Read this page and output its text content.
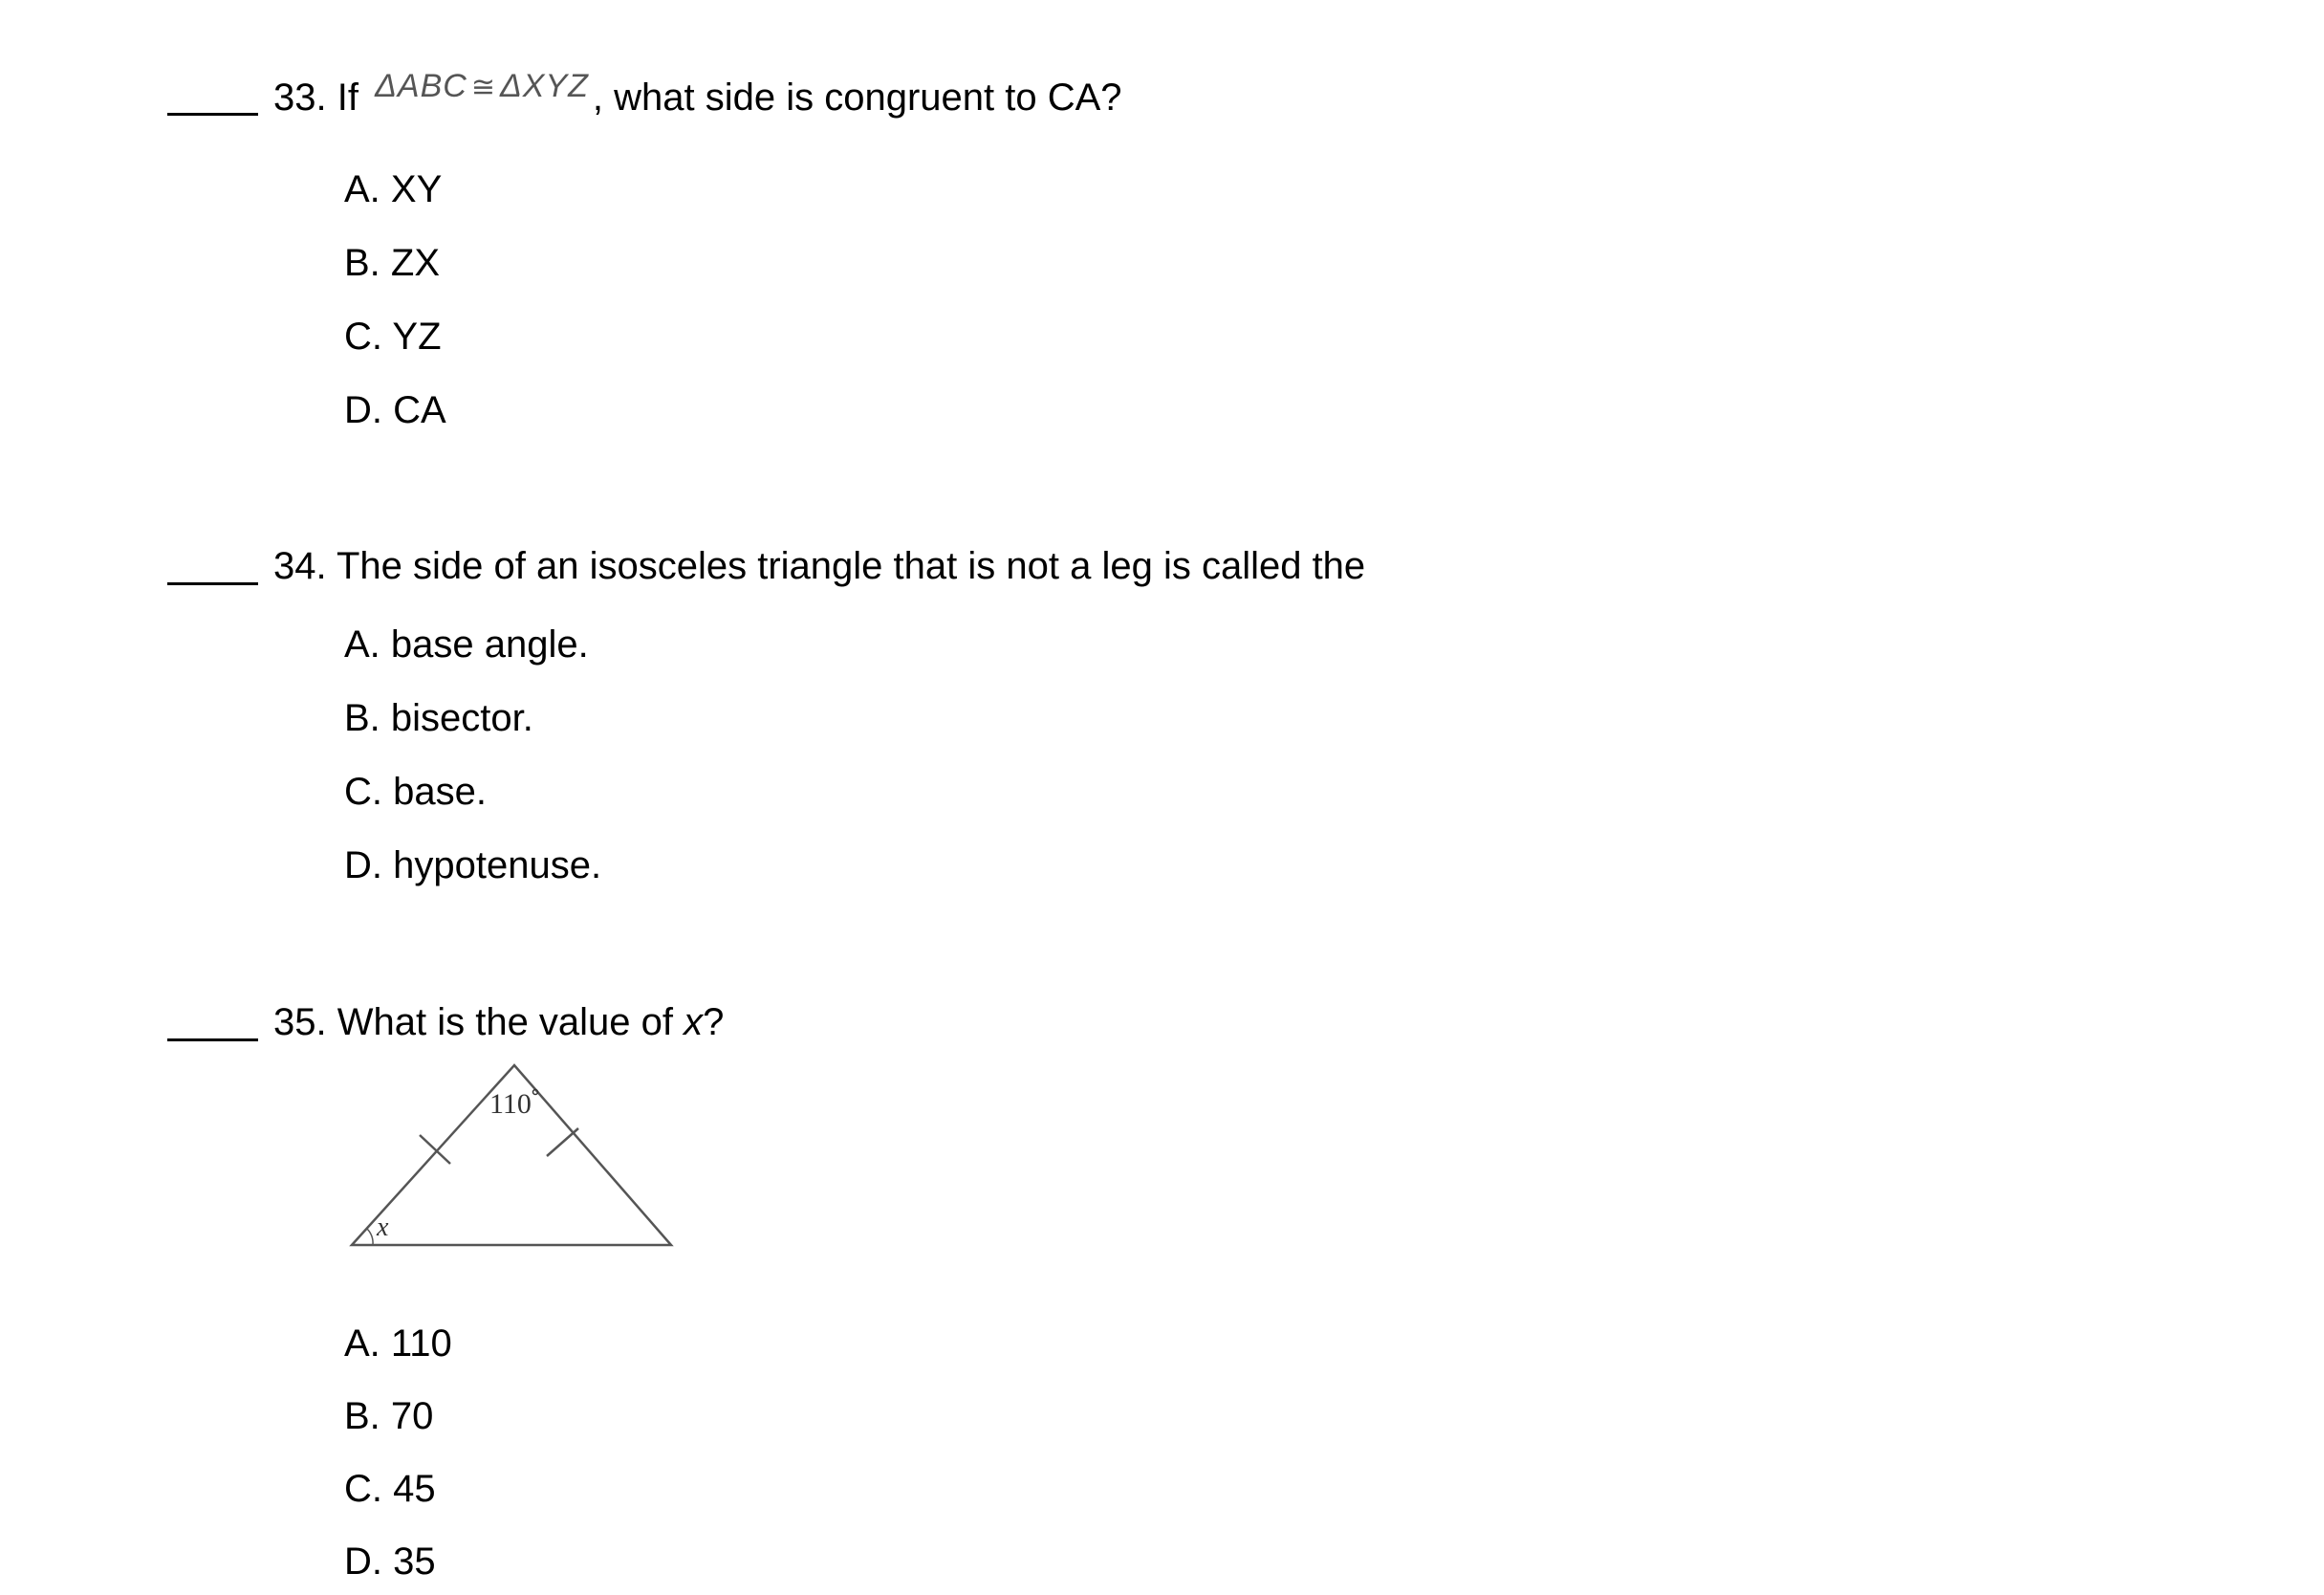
33. If ΔABC ≅ ΔXYZ , what side is congruent to CA?
A. XY
B. ZX
C. YZ
D. CA
34. The side of an isosceles triangle that is not a leg is called the
A. base angle.
B. bisector.
C. base.
D. hypotenuse.
35. What is the value of x?
110
x
A. 110
B. 70
C. 45
D. 35
